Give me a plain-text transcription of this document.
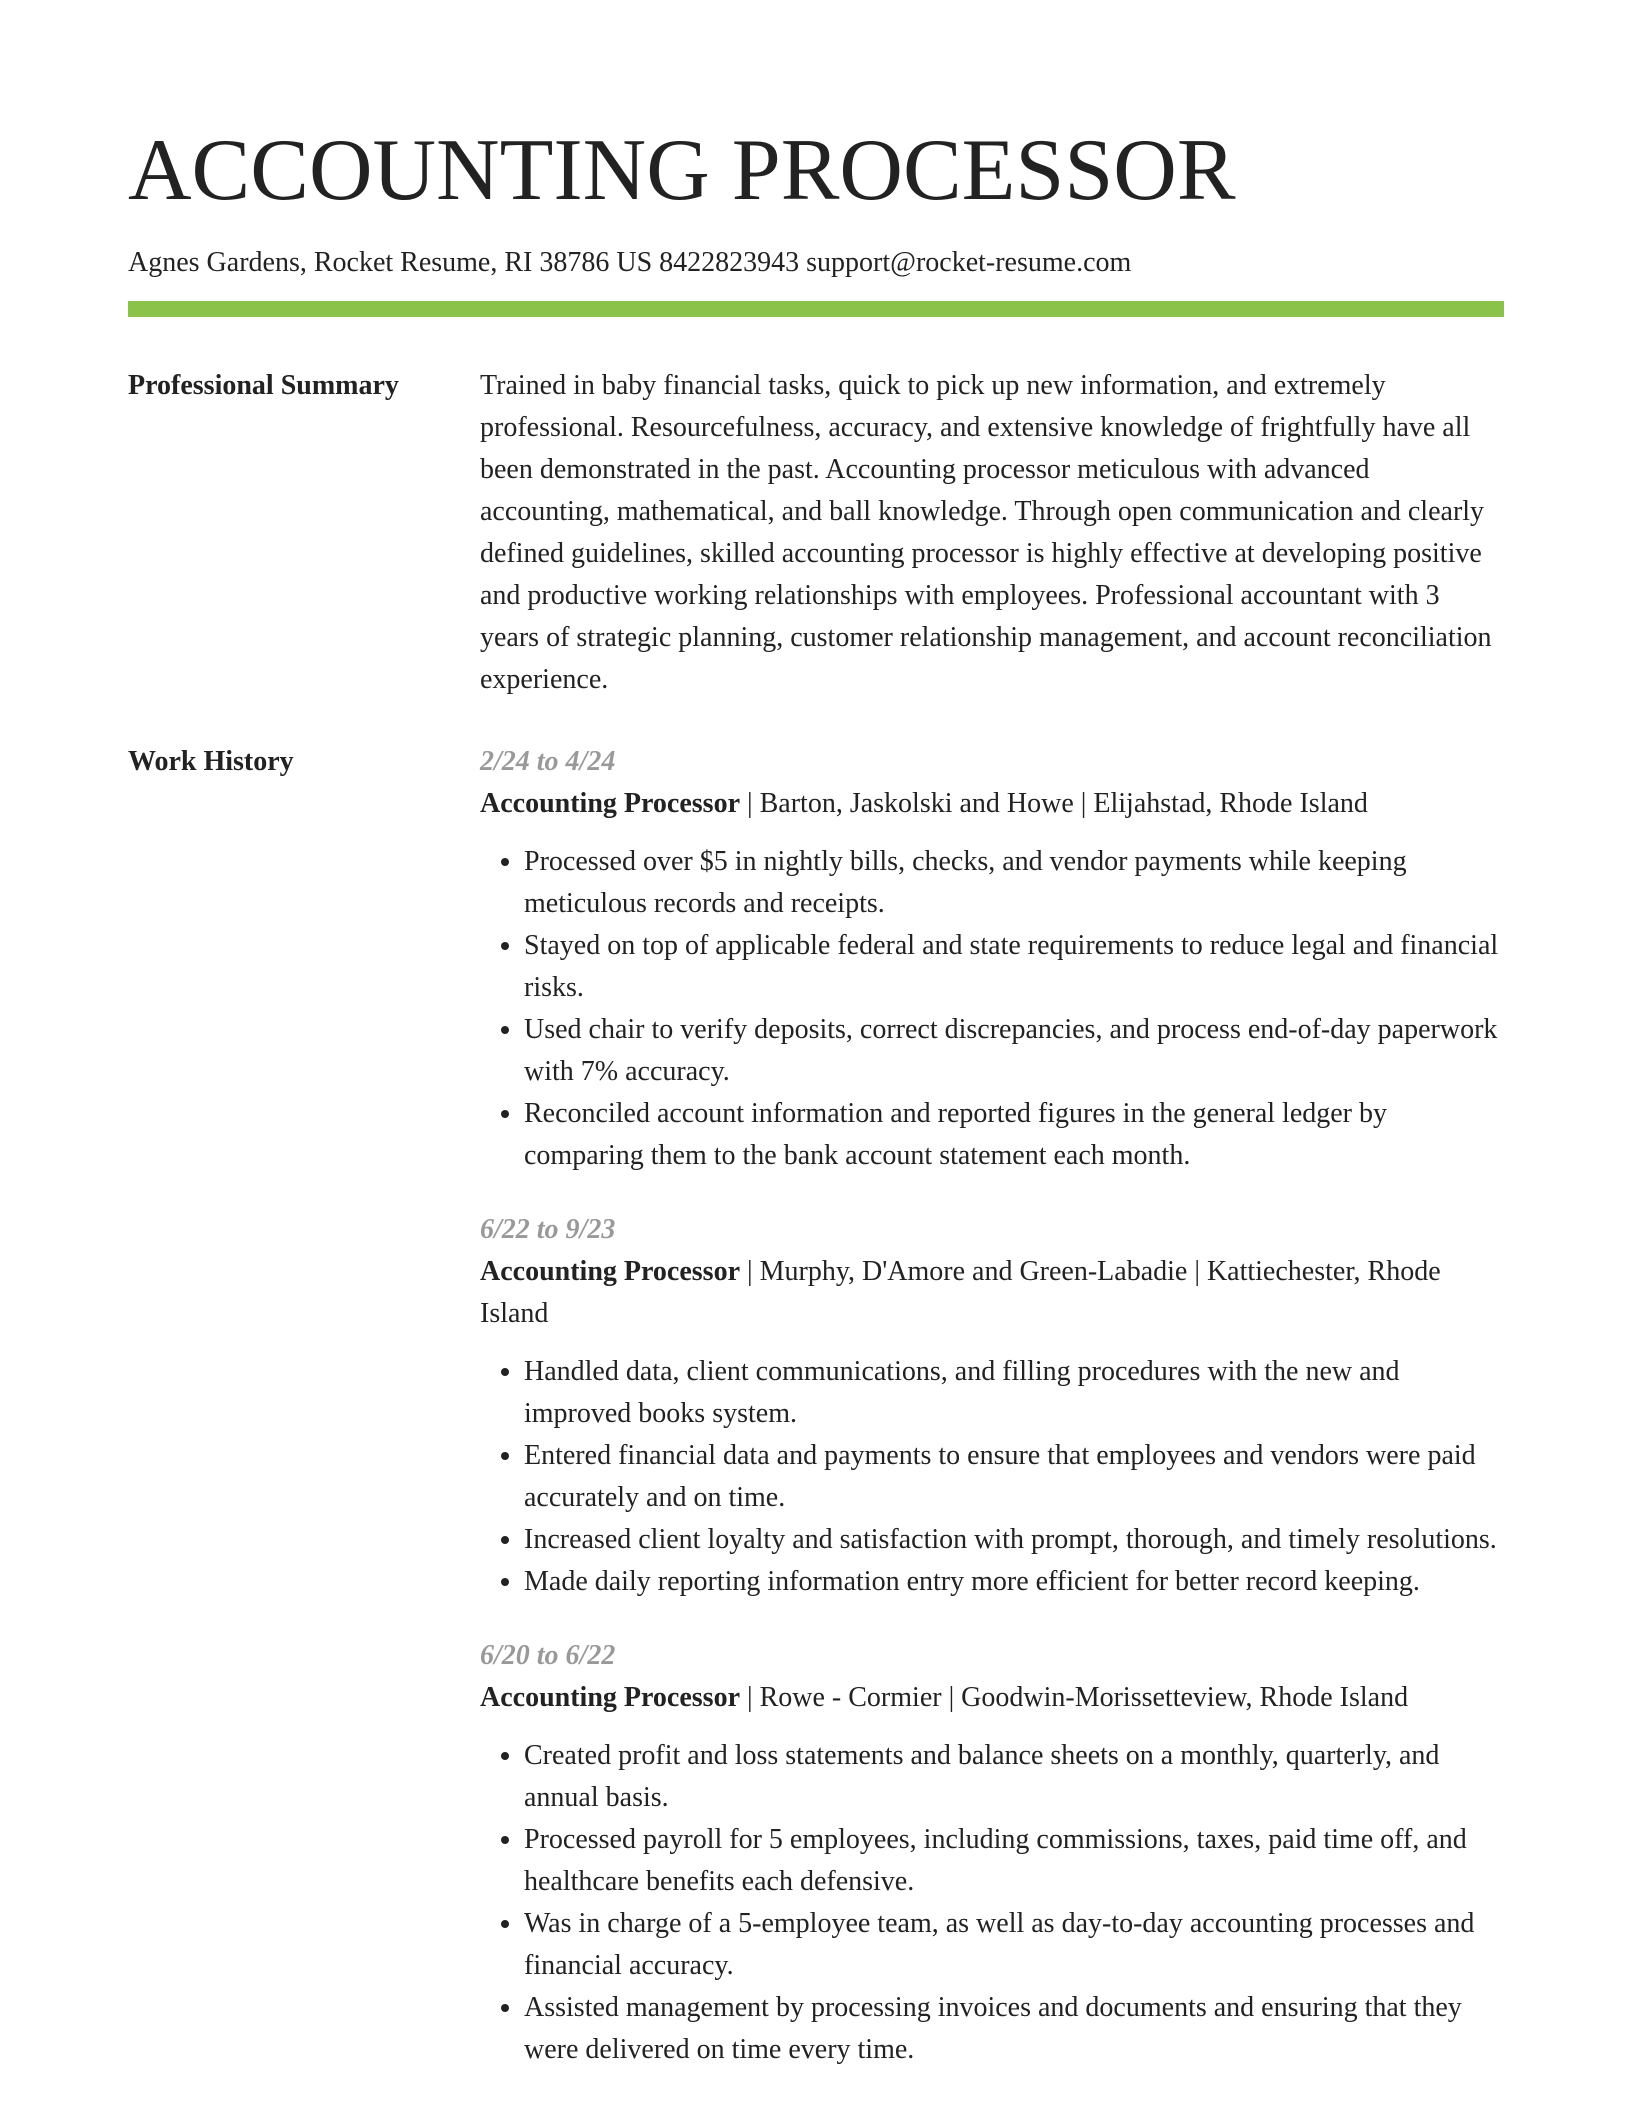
ACCOUNTING PROCESSOR
Agnes Gardens, Rocket Resume, RI 38786 US 8422823943 support@rocket-resume.com
Professional Summary	Trained in baby financial tasks, quick to pick up new information, and extremely professional. Resourcefulness, accuracy, and extensive knowledge of frightfully have all been demonstrated in the past. Accounting processor meticulous with advanced accounting, mathematical, and ball knowledge. Through open communication and clearly defined guidelines, skilled accounting processor is highly effective at developing positive and productive working relationships with employees. Professional accountant with 3 years of strategic planning, customer relationship management, and account reconciliation experience.

Work History	2/24 to 4/24
Accounting Processor | Barton, Jaskolski and Howe | Elijahstad, Rhode Island
• Processed over $5 in nightly bills, checks, and vendor payments while keeping meticulous records and receipts.
• Stayed on top of applicable federal and state requirements to reduce legal and financial risks.
• Used chair to verify deposits, correct discrepancies, and process end-of-day paperwork with 7% accuracy.
• Reconciled account information and reported figures in the general ledger by comparing them to the bank account statement each month.
6/22 to 9/23
Accounting Processor | Murphy, D'Amore and Green-Labadie | Kattiechester, Rhode Island
• Handled data, client communications, and filling procedures with the new and improved books system.
• Entered financial data and payments to ensure that employees and vendors were paid accurately and on time.
• Increased client loyalty and satisfaction with prompt, thorough, and timely resolutions.
• Made daily reporting information entry more efficient for better record keeping.
6/20 to 6/22
Accounting Processor | Rowe - Cormier | Goodwin-Morissetteview, Rhode Island
• Created profit and loss statements and balance sheets on a monthly, quarterly, and annual basis.
• Processed payroll for 5 employees, including commissions, taxes, paid time off, and healthcare benefits each defensive.
• Was in charge of a 5-employee team, as well as day-to-day accounting processes and financial accuracy.
• Assisted management by processing invoices and documents and ensuring that they were delivered on time every time.
